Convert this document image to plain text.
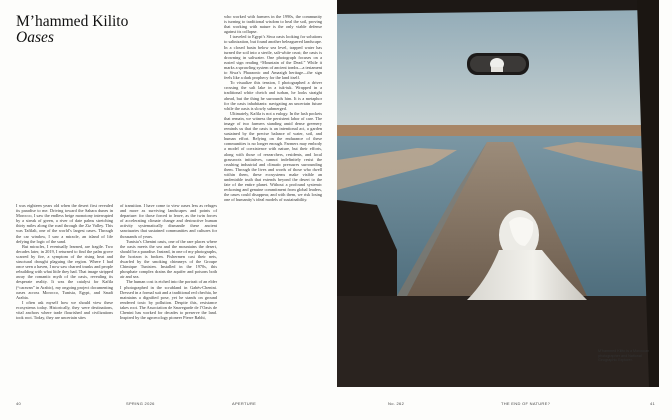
M’hammed Kilito
Oases

I was eighteen years old when the desert first revealed its paradise to me. Driving toward the Sahara dunes in Morocco, I saw the endless beige monotony interrupted by a streak of green, a river of date palms stretching thirty miles along the road through the Ziz Valley. This was Tafilalt, one of the world’s largest oases. Through the car window, I saw a miracle, an island of life defying the logic of the sand.

But miracles, I eventually learned, are fragile. Two decades later, in 2019, I returned to find the palm grove scarred by fire, a symptom of the rising heat and structural drought plaguing the region. Where I had once seen a haven, I now saw charred trunks and people rebuilding with what little they had. That image stripped away the romantic myth of the oasis, revealing its desperate reality. It was the catalyst for Kafila (“caravan” in Arabic), my ongoing project documenting oases across Morocco, Tunisia, Egypt, and Saudi Arabia.

I often ask myself how we should view these ecosystems today. Historically, they were destinations, vital anchors where trade flourished and civilizations took root. Today, they are uncertain sites

of transition. I have come to view oases less as refuges and more as surviving landscapes and points of departure: for those forced to leave, as the twin forces of accelerating climate change and destructive human activity systematically dismantle these ancient sanctuaries that sustained communities and cultures for thousands of years.

Tunisia’s Chenini oasis, one of the rare places where the oasis meets the sea and the mountains the desert, should be a paradise. Instead, in one of my photographs, the horizon is broken. Fishermen cast their nets, dwarfed by the smoking chimneys of the Groupe Chimique Tunisien. Installed in the 1970s, this phosphate complex drains the aquifer and poisons both air and sea.

The human cost is etched into the portrait of an elder I photographed in the scrubland in Gabès-Chenini. Dressed in a formal suit and a traditional red chechia, he maintains a dignified pose, yet he stands on ground rendered toxic by pollution. Despite this, resistance takes root. The Association de Sauvegarde de l’Oasis de Chenini has worked for decades to preserve the land. Inspired by the agroecology pioneer Pierre Rabhi,

who worked with farmers in the 1990s, the community is turning to traditional wisdom to heal the soil, proving that working with nature is the only viable defense against its collapse.

I traveled to Egypt’s Siwa oasis looking for solutions to salinization, but found another beleaguered landscape. In a closed basin below sea level, trapped water has turned the soil into a sterile, salt-white crust; the oasis is drowning in saltwater. One photograph focuses on a rusted sign reading “Mountain of the Dead.” While it marks a sprawling system of ancient tombs—a testament to Siwa’s Pharaonic and Amazigh heritage—the sign feels like a dark prophecy for the land itself.

To visualize this tension, I photographed a driver crossing the salt lake in a tuk-tuk. Wrapped in a traditional white cheich and turban, he looks straight ahead, but the thing he surrounds him. It is a metaphor for the oasis inhabitants: navigating an uncertain future while the oasis is slowly submerged.

Ultimately, Kafila is not a eulogy. In the lush pockets that remain, we witness the persistent labor of care. The image of two farmers standing amid dense greenery reminds us that the oasis is an intentional act, a garden sustained by the precise balance of water, soil, and human effort. Relying on the endurance of these communities is no longer enough. Farmers may embody a model of coexistence with nature, but their efforts, along with those of researchers, residents, and local grassroots initiatives, cannot indefinitely resist the crushing industrial and climatic pressures surrounding them. Through the lives and words of those who dwell within them, these ecosystems make visible an undeniable truth that extends beyond the desert to the fate of the entire planet. Without a profound systemic reckoning and genuine commitment from global leaders, the oases could disappear, and with them, we risk losing one of humanity’s ideal models of sustainability.

40	SPRING 2026	APERTURE	No. 262	THE END OF NATURE?	41
M’hammed Kilito is a Moroccan photographer and National Geographic Explorer.
